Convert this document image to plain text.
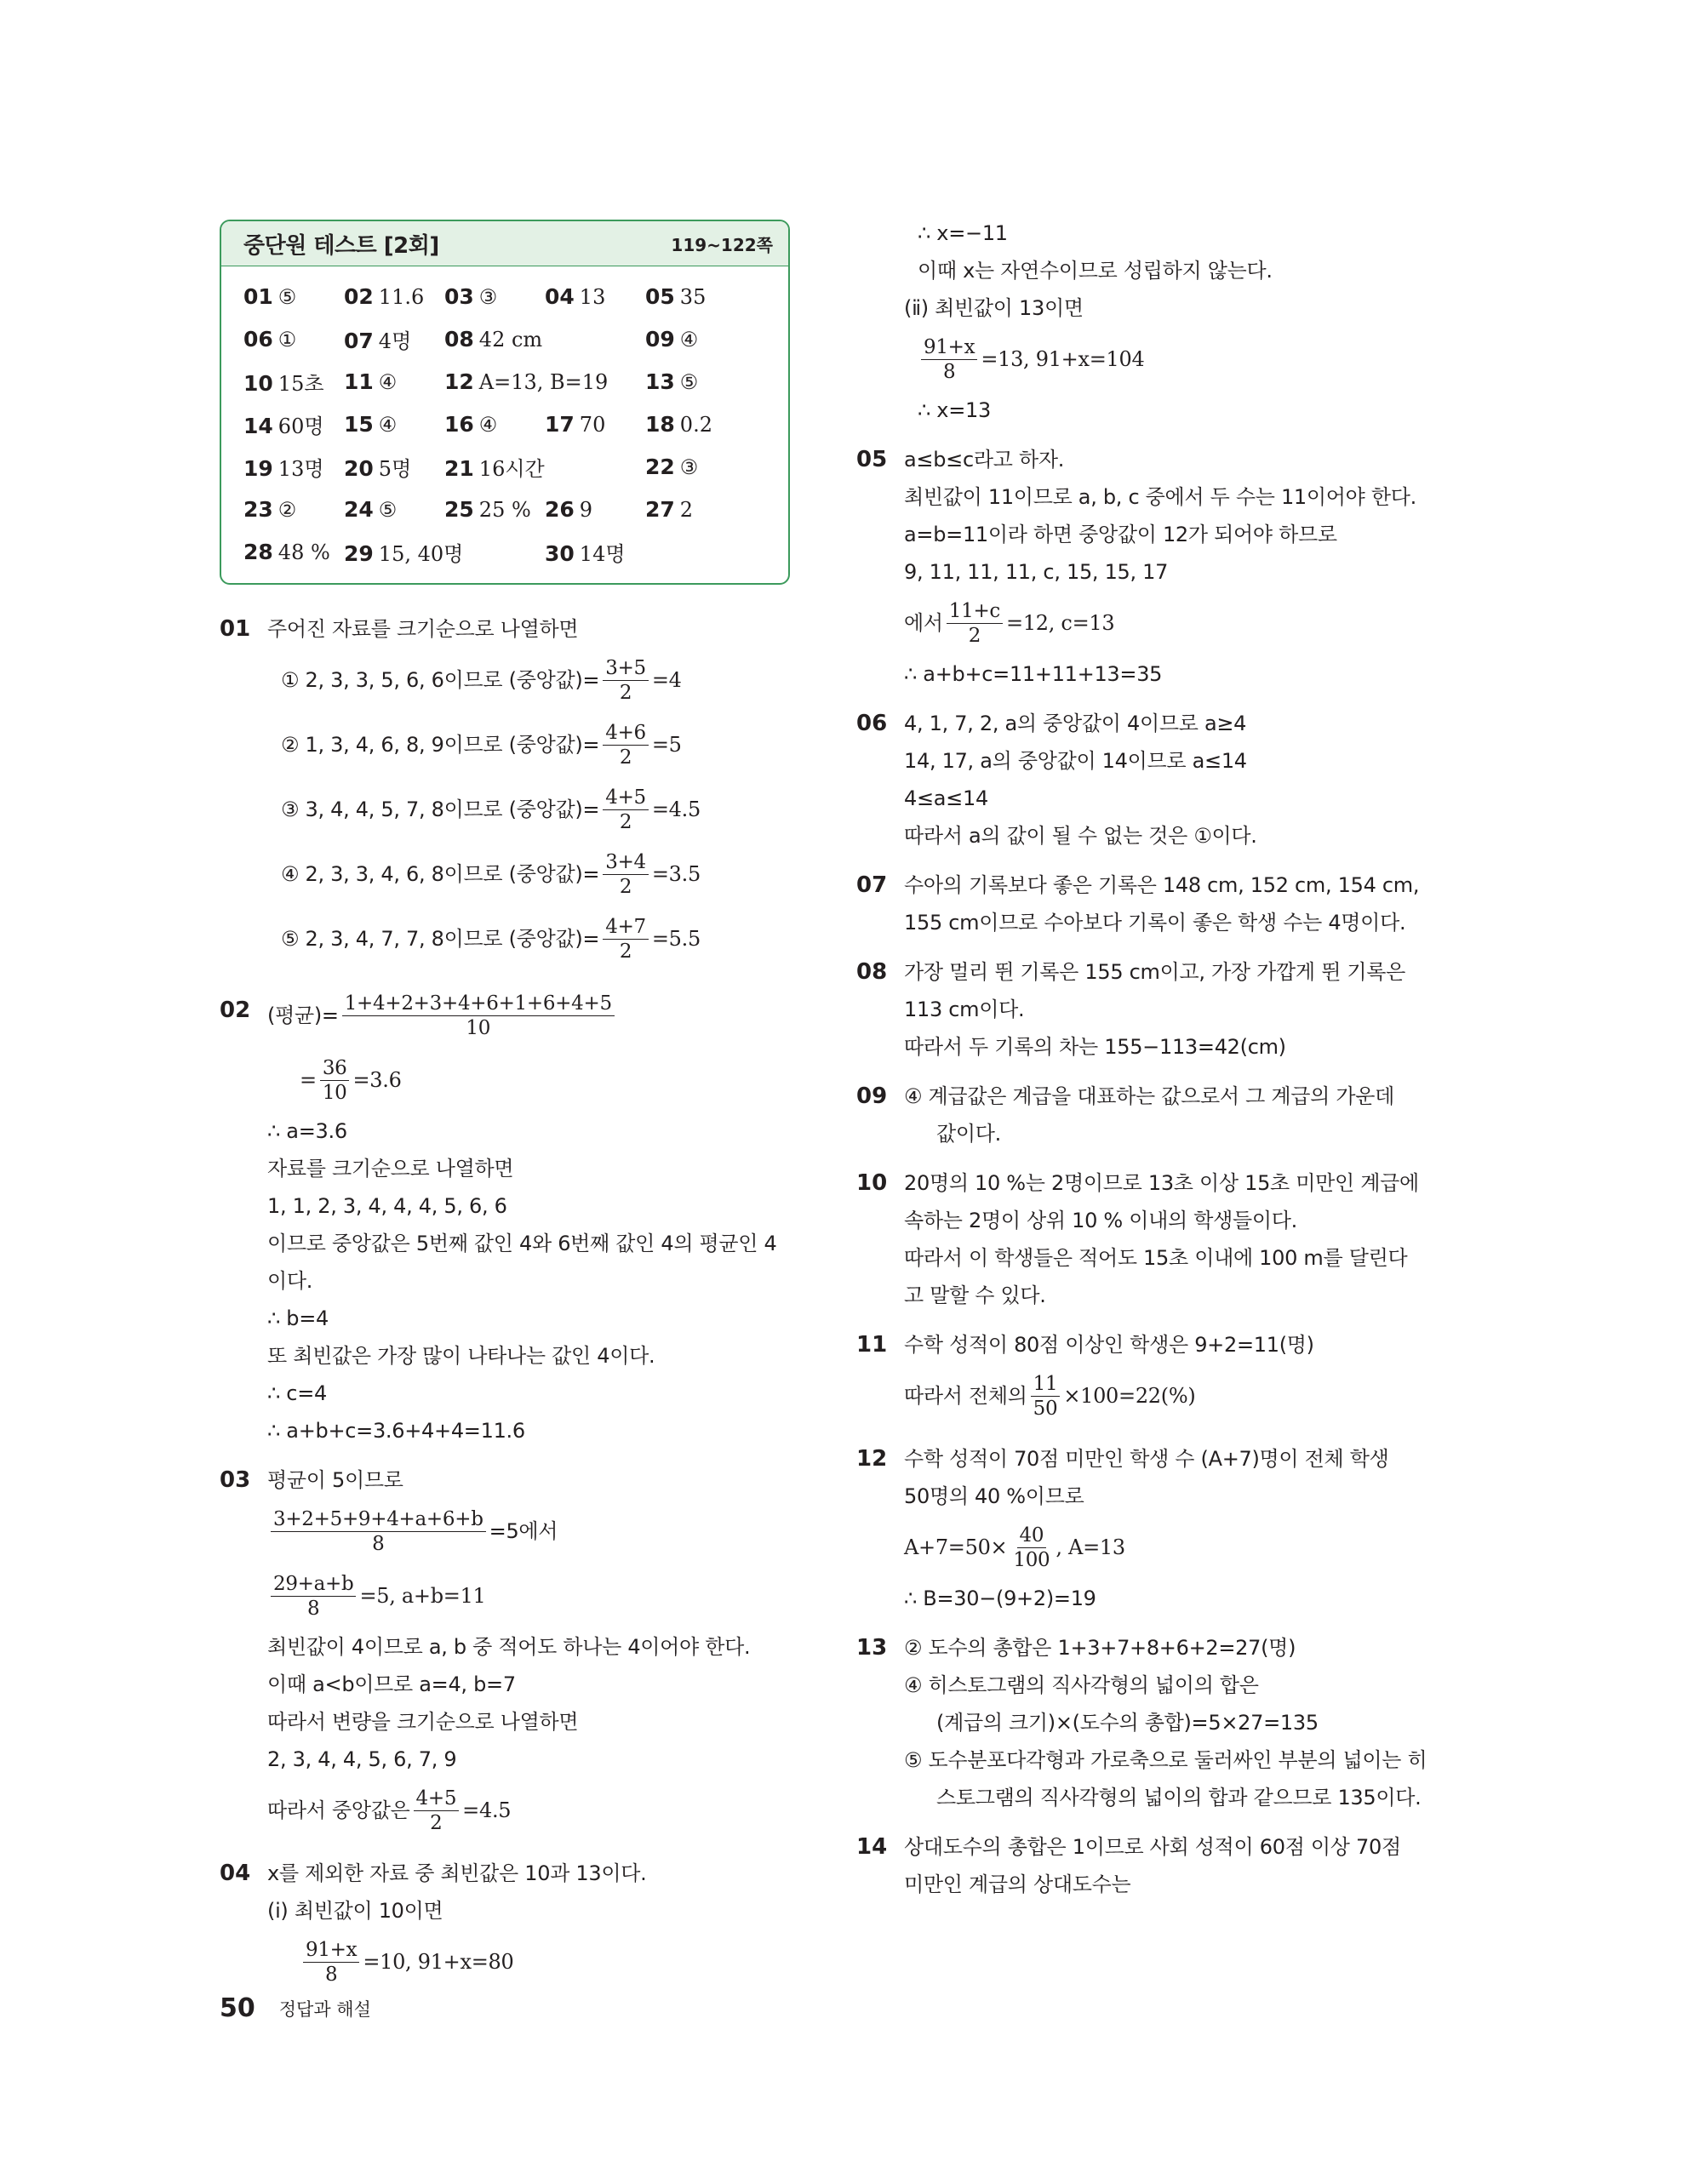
중단원 테스트 [2회]	119~122쪽
01 ⑤	02 11.6 03 ③	04 13	05 35
06 ①	07 4명	08 42 cm	09 ④
10 15초 11 ④	12 A=13, B=19 13 ⑤
14 60명 15 ④	16 ④	17 70	18 0.2
19 13명 20 5명	21 16시간	22 ③
23 ②	24 ⑤	25 25 % 26 9	27 2
28 48 % 29 15, 40명	30 14명
01 주어진 자료를 크기순으로 나열하면
① 2, 3, 3, 5, 6, 6이므로 (중앙값)= $\frac{3+5}{2} =4$
② 1, 3, 4, 6, 8, 9이므로 (중앙값)= $\frac{4+6}{2} =5$
③ 3, 4, 4, 5, 7, 8이므로 (중앙값)= $\frac{4+5}{2} =4.5$
④ 2, 3, 3, 4, 6, 8이므로 (중앙값)= $\frac{3+4}{2} =3.5$
⑤ 2, 3, 4, 7, 7, 8이므로 (중앙값)= $\frac{4+7}{2} =5.5$
02 (평균)= $\frac{1+4+2+3+4+6+1+6+4+5}{10}$
= $\frac{36}{10} =3.6$
∴ a=3.6
자료를 크기순으로 나열하면
1, 1, 2, 3, 4, 4, 4, 5, 6, 6
이므로 중앙값은 5번째 값인 4와 6번째 값인 4의 평균인 4
이다.
∴ b=4
또 최빈값은 가장 많이 나타나는 값인 4이다.
∴ c=4
∴ a+b+c=3.6+4+4=11.6
03 평균이 5이므로
$\frac{3+2+5+9+4+a+6+b}{8} =5$에서
$\frac{29+a+b}{8} =5$, a+b=11
최빈값이 4이므로 a, b 중 적어도 하나는 4이어야 한다.
이때 a<b이므로 a=4, b=7
따라서 변량을 크기순으로 나열하면
2, 3, 4, 4, 5, 6, 7, 9
따라서 중앙값은 $\frac{4+5}{2} =4.5$
04 x를 제외한 자료 중 최빈값은 10과 13이다.
(ⅰ) 최빈값이 10이면
$\frac{91+x}{8} =10$, 91+x=80
∴ x=−11
이때 x는 자연수이므로 성립하지 않는다.
(ⅱ) 최빈값이 13이면
$\frac{91+x}{8} =13$, 91+x=104
∴ x=13
05 a≤b≤c라고 하자.
최빈값이 11이므로 a, b, c 중에서 두 수는 11이어야 한다.
a=b=11이라 하면 중앙값이 12가 되어야 하므로
9, 11, 11, 11, c, 15, 15, 17
에서 $\frac{11+c}{2} =12$, c=13
∴ a+b+c=11+11+13=35
06 4, 1, 7, 2, a의 중앙값이 4이므로 a≥4
14, 17, a의 중앙값이 14이므로 a≤14
4≤a≤14
따라서 a의 값이 될 수 없는 것은 ①이다.
07 수아의 기록보다 좋은 기록은 148 cm, 152 cm, 154 cm,
155 cm이므로 수아보다 기록이 좋은 학생 수는 4명이다.
08 가장 멀리 뛴 기록은 155 cm이고, 가장 가깝게 뛴 기록은
113 cm이다.
따라서 두 기록의 차는 155−113=42(cm)
09 ④ 계급값은 계급을 대표하는 값으로서 그 계급의 가운데
값이다.
10 20명의 10 %는 2명이므로 13초 이상 15초 미만인 계급에
속하는 2명이 상위 10 % 이내의 학생들이다.
따라서 이 학생들은 적어도 15초 이내에 100 m를 달린다
고 말할 수 있다.
11 수학 성적이 80점 이상인 학생은 9+2=11(명)
따라서 전체의 $\frac{11}{50} \times 100=22(\%)$
12 수학 성적이 70점 미만인 학생 수 (A+7)명이 전체 학생
50명의 40 %이므로
$A+7=50\times \frac{40}{100}$ , A=13
∴ B=30−(9+2)=19
13 ② 도수의 총합은 1+3+7+8+6+2=27(명)
④ 히스토그램의 직사각형의 넓이의 합은
(계급의 크기)×(도수의 총합)=5×27=135
⑤ 도수분포다각형과 가로축으로 둘러싸인 부분의 넓이는 히
스토그램의 직사각형의 넓이의 합과 같으므로 135이다.
14 상대도수의 총합은 1이므로 사회 성적이 60점 이상 70점
미만인 계급의 상대도수는
50 정답과 해설
